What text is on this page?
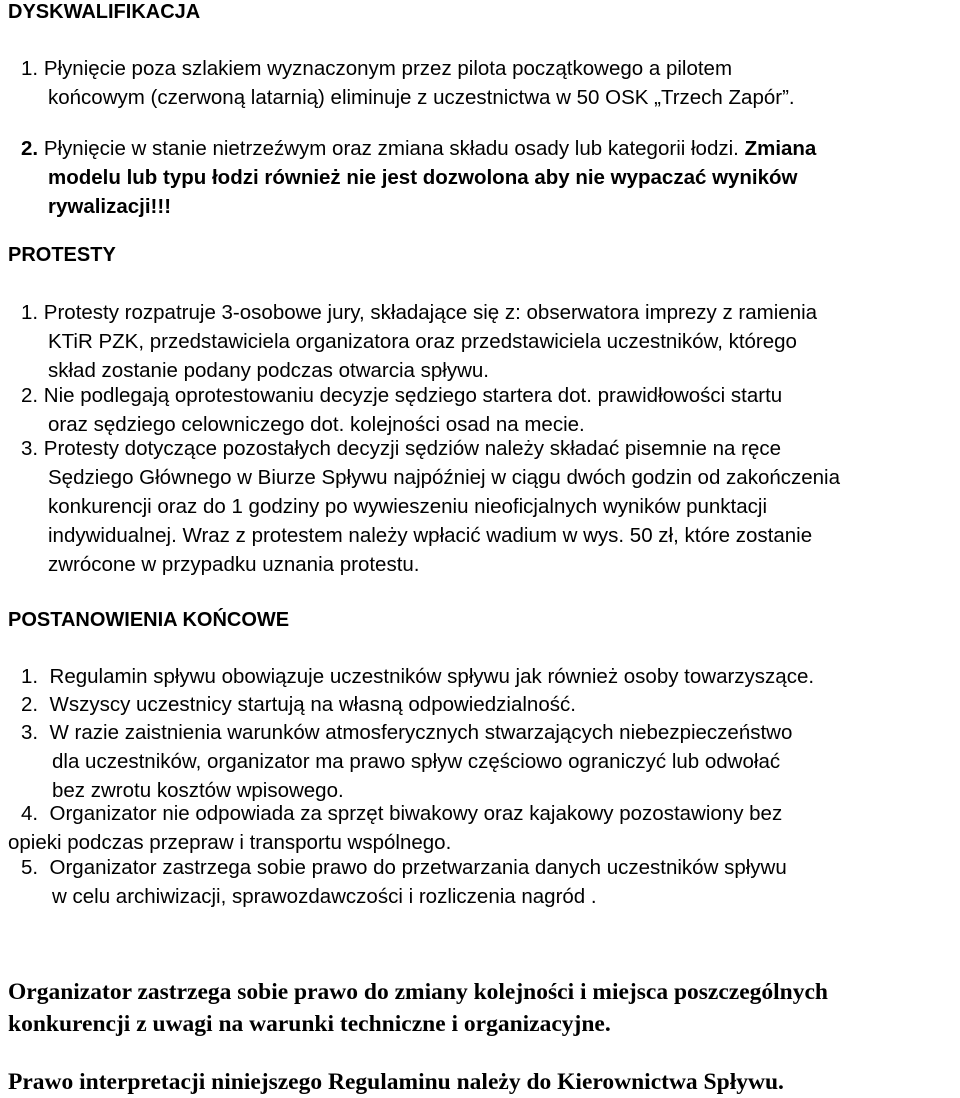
DYSKWALIFIKACJA
1. Płynięcie poza szlakiem wyznaczonym przez pilota początkowego a pilotem
końcowym (czerwoną latarnią) eliminuje z uczestnictwa w 50 OSK „Trzech Zapór”.
2. Płynięcie w stanie nietrzeźwym oraz zmiana składu osady lub kategorii łodzi. Zmiana
modelu lub typu łodzi również nie jest dozwolona aby nie wypaczać wyników
rywalizacji!!!
PROTESTY
1. Protesty rozpatruje 3-osobowe jury, składające się z: obserwatora imprezy z ramienia
KTiR PZK, przedstawiciela organizatora oraz przedstawiciela uczestników, którego
skład zostanie podany podczas otwarcia spływu.
2. Nie podlegają oprotestowaniu decyzje sędziego startera dot. prawidłowości startu
oraz sędziego celowniczego dot. kolejności osad na mecie.
3. Protesty dotyczące pozostałych decyzji sędziów należy składać pisemnie na ręce
Sędziego Głównego w Biurze Spływu najpóźniej w ciągu dwóch godzin od zakończenia
konkurencji oraz do 1 godziny po wywieszeniu nieoficjalnych wyników punktacji
indywidualnej. Wraz z protestem należy wpłacić wadium w wys. 50 zł, które zostanie
zwrócone w przypadku uznania protestu.
POSTANOWIENIA KOŃCOWE
1. Regulamin spływu obowiązuje uczestników spływu jak również osoby towarzyszące.
2. Wszyscy uczestnicy startują na własną odpowiedzialność.
3. W razie zaistnienia warunków atmosferycznych stwarzających niebezpieczeństwo
dla uczestników, organizator ma prawo spływ częściowo ograniczyć lub odwołać
bez zwrotu kosztów wpisowego.
4. Organizator nie odpowiada za sprzęt biwakowy oraz kajakowy pozostawiony bez
opieki podczas przepraw i transportu wspólnego.
5. Organizator zastrzega sobie prawo do przetwarzania danych uczestników spływu
w celu archiwizacji, sprawozdawczości i rozliczenia nagród .
Organizator zastrzega sobie prawo do zmiany kolejności i miejsca poszczególnych
konkurencji z uwagi na warunki techniczne i organizacyjne.
Prawo interpretacji niniejszego Regulaminu należy do Kierownictwa Spływu.
